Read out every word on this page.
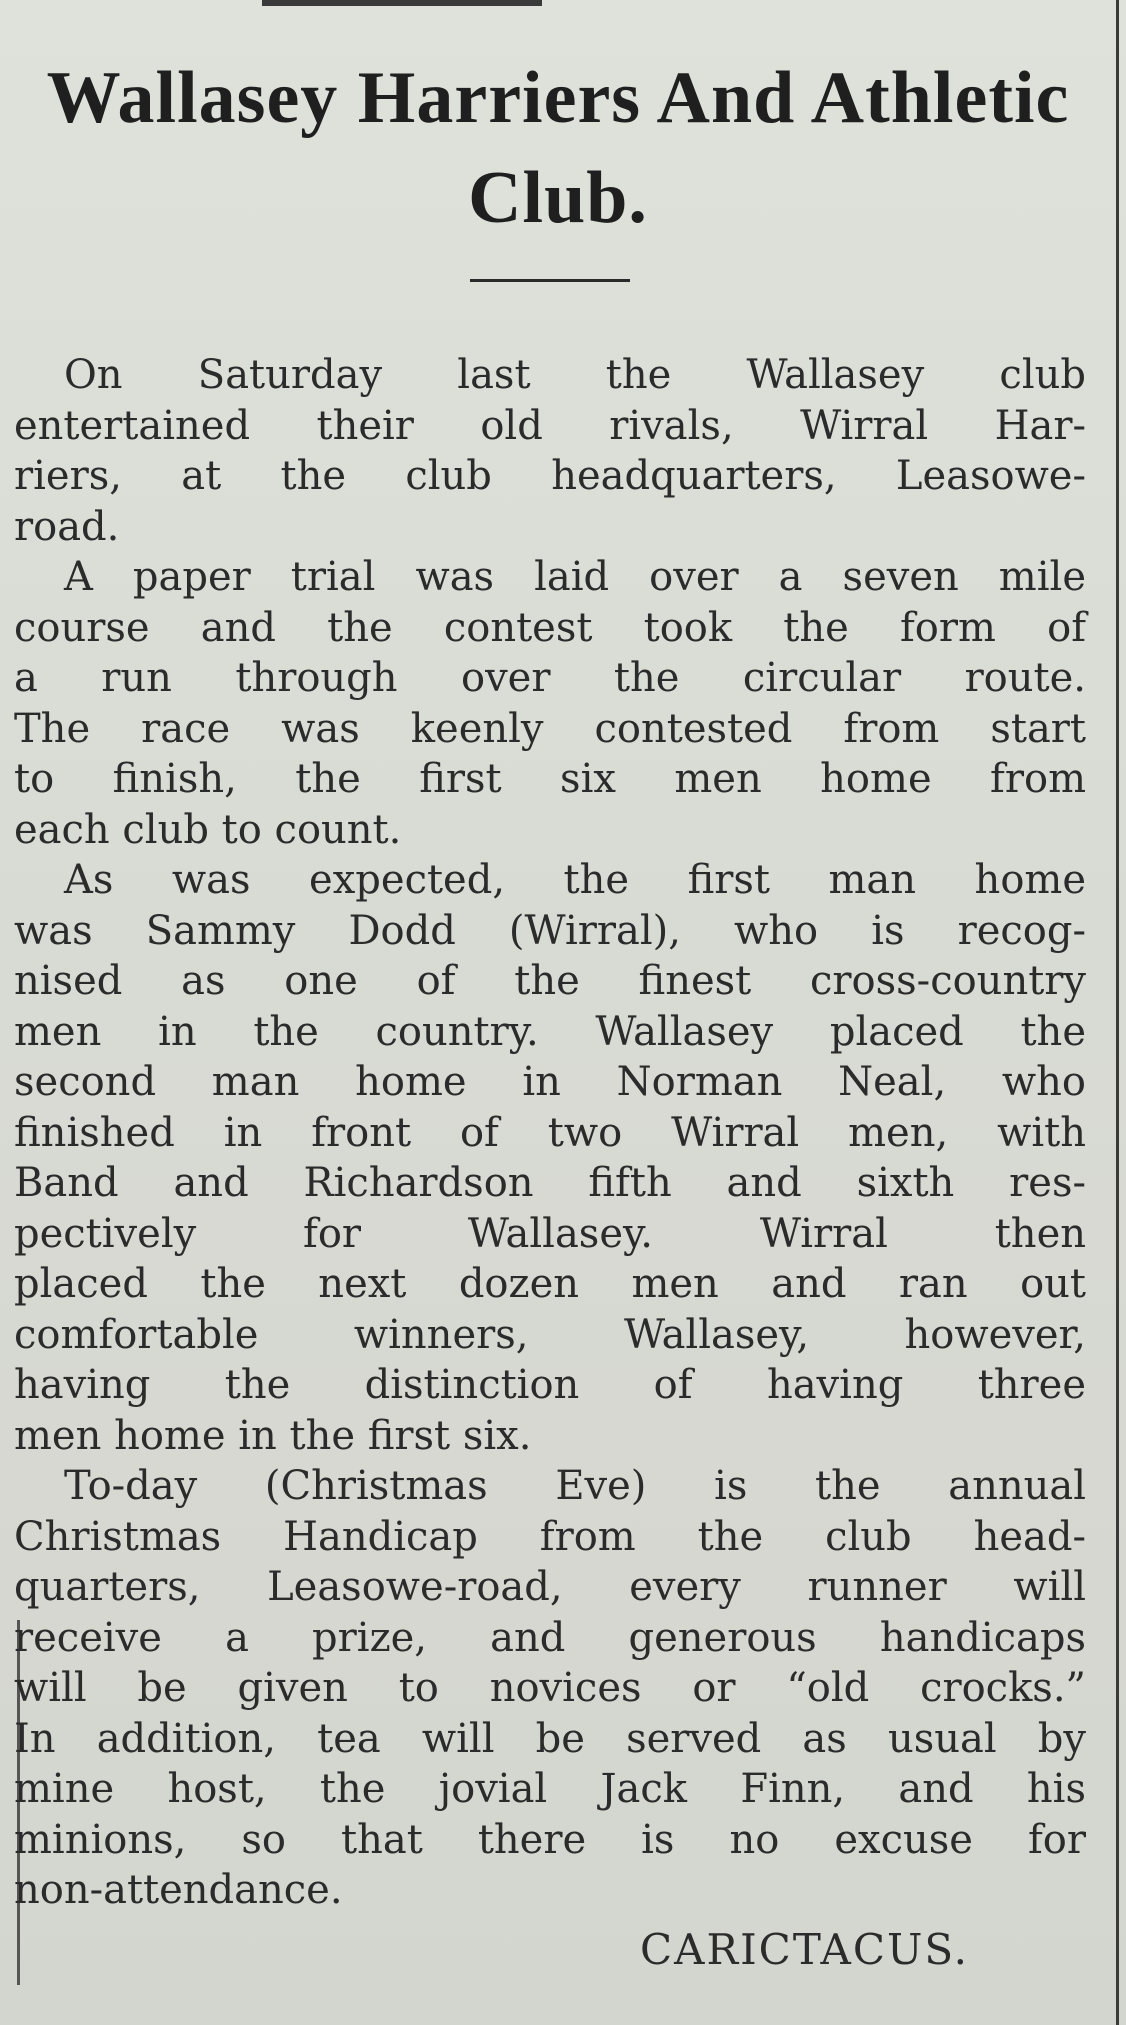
Wallasey Harriers And Athletic
Club.

On Saturday last the Wallasey club
entertained their old rivals, Wirral Har-
riers, at the club headquarters, Leasowe-
road.

A paper trial was laid over a seven mile
course and the contest took the form of
a run through over the circular route.
The race was keenly contested from start
to finish, the first six men home from
each club to count.

As was expected, the first man home
was Sammy Dodd (Wirral), who is recog-
nised as one of the finest cross-country
men in the country. Wallasey placed the
second man home in Norman Neal, who
finished in front of two Wirral men, with
Band and Richardson fifth and sixth res-
pectively for Wallasey. Wirral then
placed the next dozen men and ran out
comfortable winners, Wallasey, however,
having the distinction of having three
men home in the first six.

To-day (Christmas Eve) is the annual
Christmas Handicap from the club head-
quarters, Leasowe-road, every runner will
receive a prize, and generous handicaps
will be given to novices or “old crocks.”
In addition, tea will be served as usual by
mine host, the jovial Jack Finn, and his
minions, so that there is no excuse for
non-attendance.

CARICTACUS.
